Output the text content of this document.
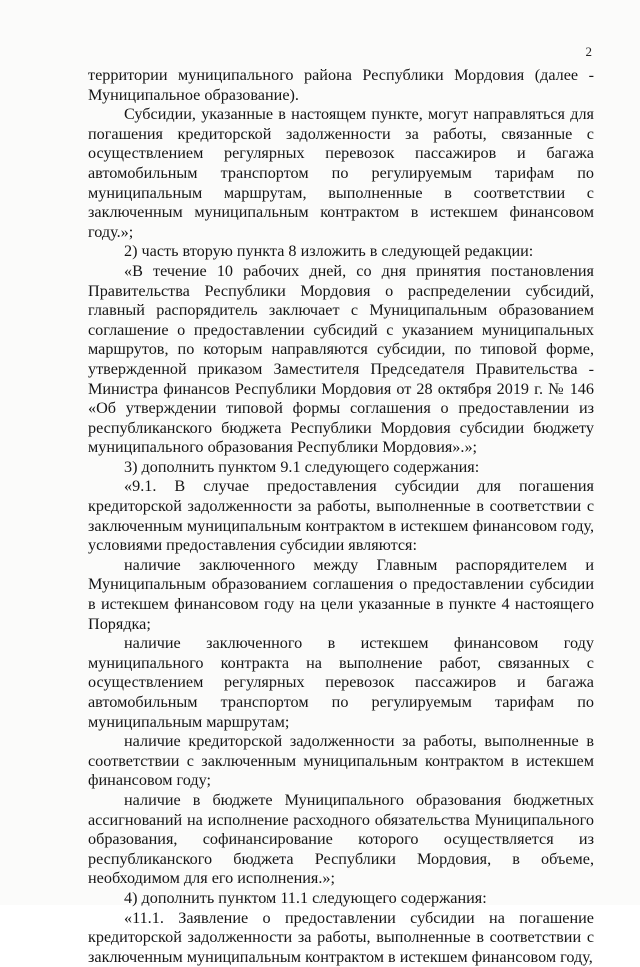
2

территории муниципального района Республики Мордовия (далее - Муниципальное образование).

Субсидии, указанные в настоящем пункте, могут направляться для погашения кредиторской задолженности за работы, связанные с осуществлением регулярных перевозок пассажиров и багажа автомобильным транспортом по регулируемым тарифам по муниципальным маршрутам, выполненные в соответствии с заключенным муниципальным контрактом в истекшем финансовом году.»;

2) часть вторую пункта 8 изложить в следующей редакции:

«В течение 10 рабочих дней, со дня принятия постановления Правительства Республики Мордовия о распределении субсидий, главный распорядитель заключает с Муниципальным образованием соглашение о предоставлении субсидий с указанием муниципальных маршрутов, по которым направляются субсидии, по типовой форме, утвержденной приказом Заместителя Председателя Правительства - Министра финансов Республики Мордовия от 28 октября 2019 г. № 146 «Об утверждении типовой формы соглашения о предоставлении из республиканского бюджета Республики Мордовия субсидии бюджету муниципального образования Республики Мордовия».»;

3) дополнить пунктом 9.1 следующего содержания:

«9.1. В случае предоставления субсидии для погашения кредиторской задолженности за работы, выполненные в соответствии с заключенным муниципальным контрактом в истекшем финансовом году, условиями предоставления субсидии являются:

наличие заключенного между Главным распорядителем и Муниципальным образованием соглашения о предоставлении субсидии в истекшем финансовом году на цели указанные в пункте 4 настоящего Порядка;

наличие заключенного в истекшем финансовом году муниципального контракта на выполнение работ, связанных с осуществлением регулярных перевозок пассажиров и багажа автомобильным транспортом по регулируемым тарифам по муниципальным маршрутам;

наличие кредиторской задолженности за работы, выполненные в соответствии с заключенным муниципальным контрактом в истекшем финансовом году;

наличие в бюджете Муниципального образования бюджетных ассигнований на исполнение расходного обязательства Муниципального образования, софинансирование которого осуществляется из республиканского бюджета Республики Мордовия, в объеме, необходимом для его исполнения.»;

4) дополнить пунктом 11.1 следующего содержания:

«11.1. Заявление о предоставлении субсидии на погашение кредиторской задолженности за работы, выполненные в соответствии с заключенным муниципальным контрактом в истекшем финансовом году,
